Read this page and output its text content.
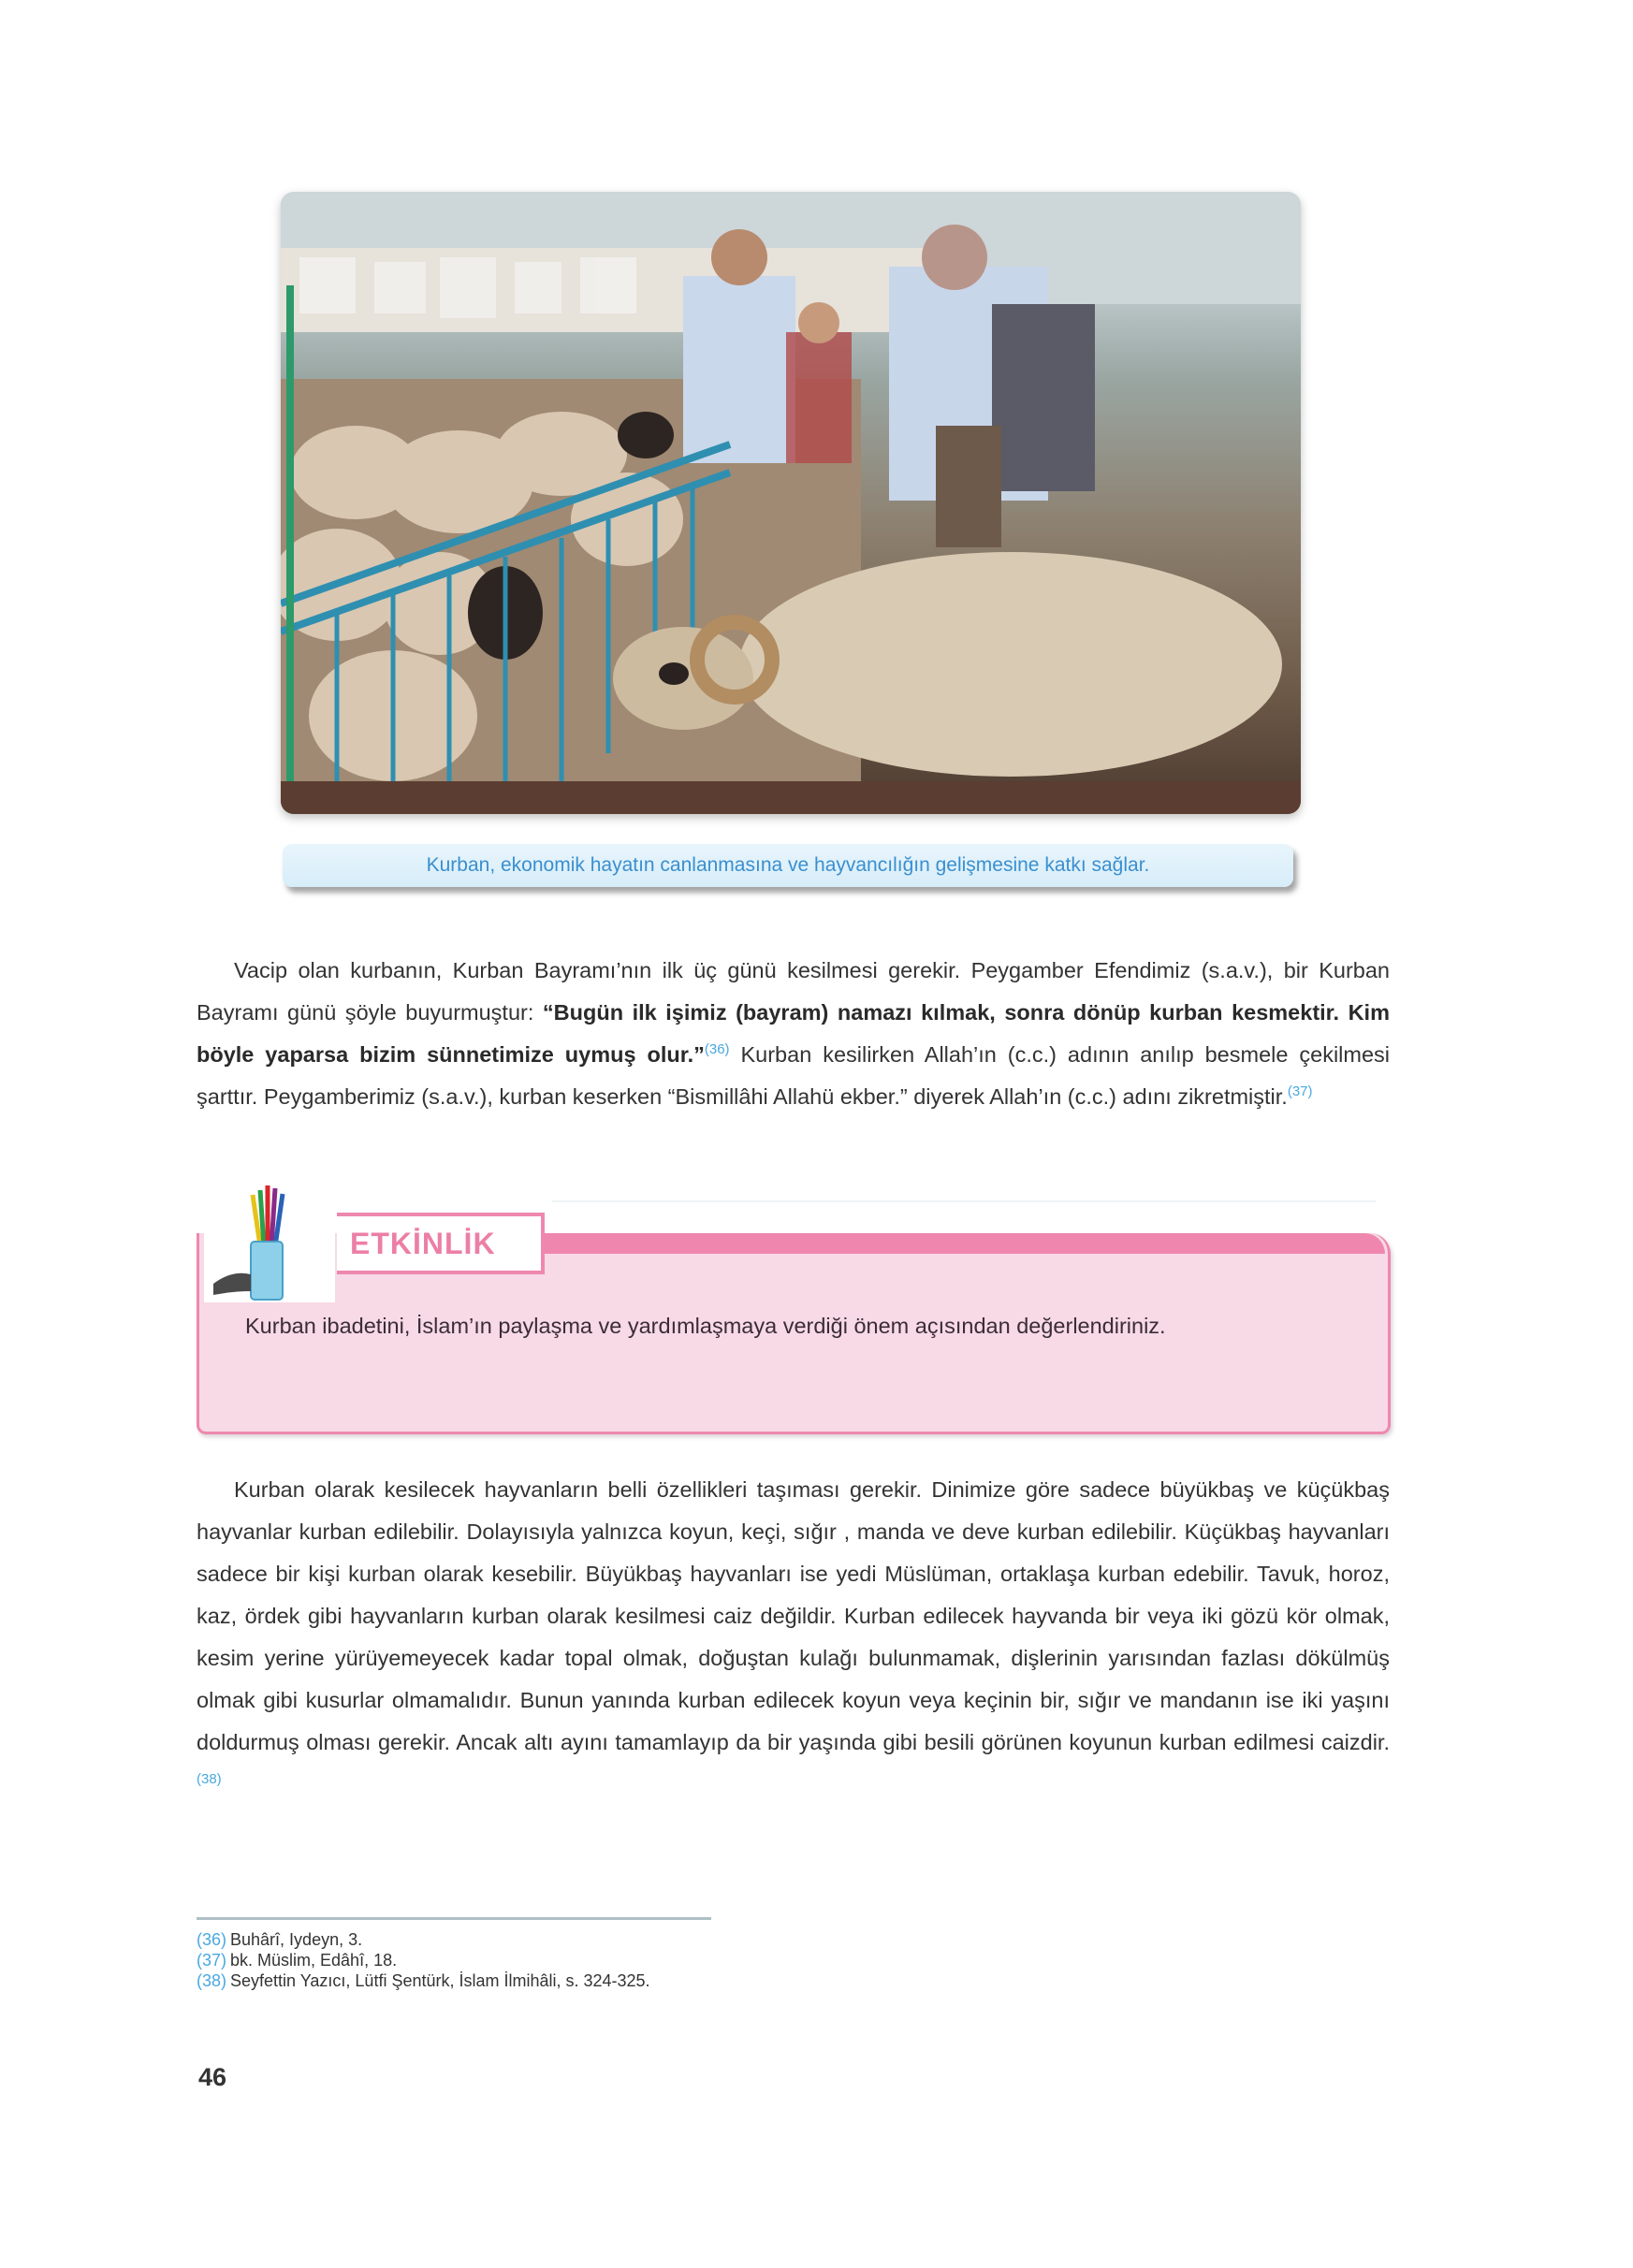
Kurban, ekonomik hayatın canlanmasına ve hayvancılığın gelişmesine katkı sağlar.

Vacip olan kurbanın, Kurban Bayramı’nın ilk üç günü kesilmesi gerekir. Peygamber Efendimiz (s.a.v.), bir Kurban Bayramı günü şöyle buyurmuştur: “Bugün ilk işimiz (bayram) namazı kılmak, sonra dönüp kurban kesmektir. Kim böyle yaparsa bizim sünnetimize uymuş olur.”$^{(36)}$ Kurban kesilirken Allah’ın (c.c.) adının anılıp besmele çekilmesi şarttır. Peygamberimiz (s.a.v.), kurban keserken “Bismillâhi Allahü ekber.” diyerek Allah’ın (c.c.) adını zikretmiştir.$^{(37)}$

ETKİNLİK

Kurban ibadetini, İslam’ın paylaşma ve yardımlaşmaya verdiği önem açısından değerlendiriniz.

Kurban olarak kesilecek hayvanların belli özellikleri taşıması gerekir. Dinimize göre sadece büyükbaş ve küçükbaş hayvanlar kurban edilebilir. Dolayısıyla yalnızca koyun, keçi, sığır , manda ve deve kurban edilebilir. Küçükbaş hayvanları sadece bir kişi kurban olarak kesebilir. Büyükbaş hayvanları ise yedi Müslüman, ortaklaşa kurban edebilir. Tavuk, horoz, kaz, ördek gibi hayvanların kurban olarak kesilmesi caiz değildir. Kurban edilecek hayvanda bir veya iki gözü kör olmak, kesim yerine yürüyemeyecek kadar topal olmak, doğuştan kulağı bulunmamak, dişlerinin yarısından fazlası dökülmüş olmak gibi kusurlar olmamalıdır. Bunun yanında kurban edilecek koyun veya keçinin bir, sığır ve mandanın ise iki yaşını doldurmuş olması gerekir. Ancak altı ayını tamamlayıp da bir yaşında gibi besili görünen koyunun kurban edilmesi caizdir.$^{(38)}$

(36) Buhârî, Iydeyn, 3.
(37) bk. Müslim, Edâhî, 18.
(38) Seyfettin Yazıcı, Lütfi Şentürk, İslam İlmihâli, s. 324-325.
46
